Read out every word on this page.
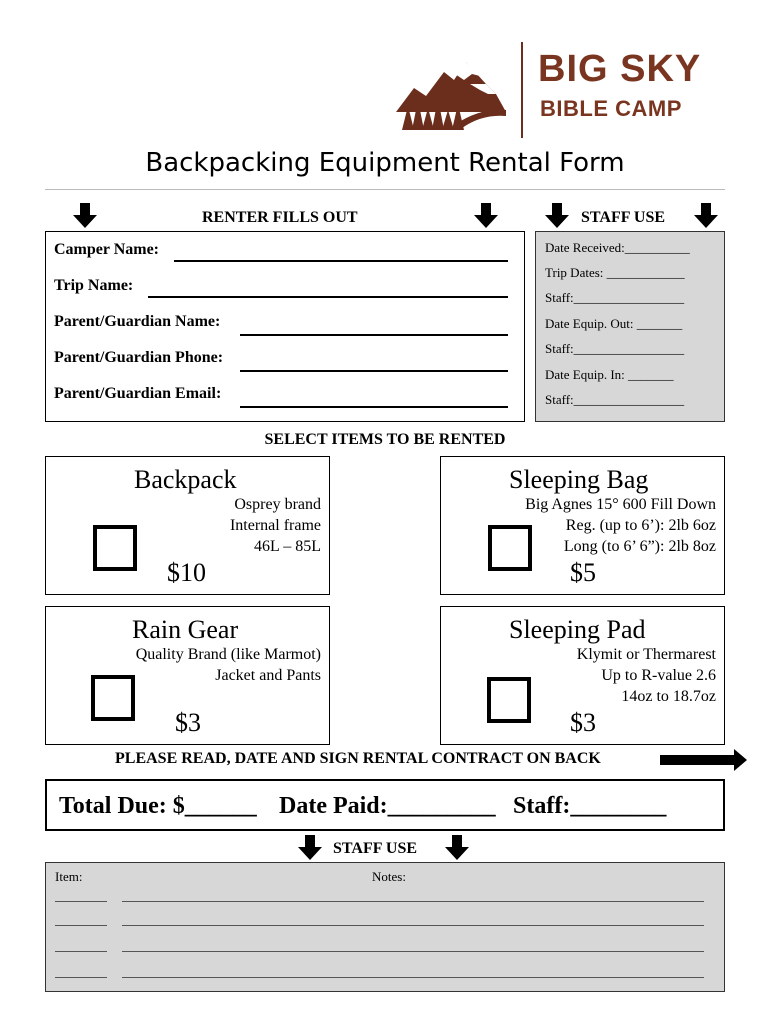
BIG SKY
BIBLE CAMP
Backpacking Equipment Rental Form
RENTER FILLS OUT	STAFF USE
Camper Name:
Trip Name:
Parent/Guardian Name:
Parent/Guardian Phone:
Parent/Guardian Email:
Date Received:__________
Trip Dates: ____________
Staff:_________________
Date Equip. Out: _______
Staff:_________________
Date Equip. In: _______
Staff:_________________
SELECT ITEMS TO BE RENTED
Backpack
Osprey brand
Internal frame
46L – 85L
$10
Sleeping Bag
Big Agnes 15° 600 Fill Down
Reg. (up to 6’): 2lb 6oz
Long (to 6’ 6”): 2lb 8oz
$5
Rain Gear
Quality Brand (like Marmot)
Jacket and Pants
$3
Sleeping Pad
Klymit or Thermarest
Up to R-value 2.6
14oz to 18.7oz
$3
PLEASE READ, DATE AND SIGN RENTAL CONTRACT ON BACK
Total Due: $______ Date Paid:_________ Staff:________
STAFF USE
Item:	Notes:
